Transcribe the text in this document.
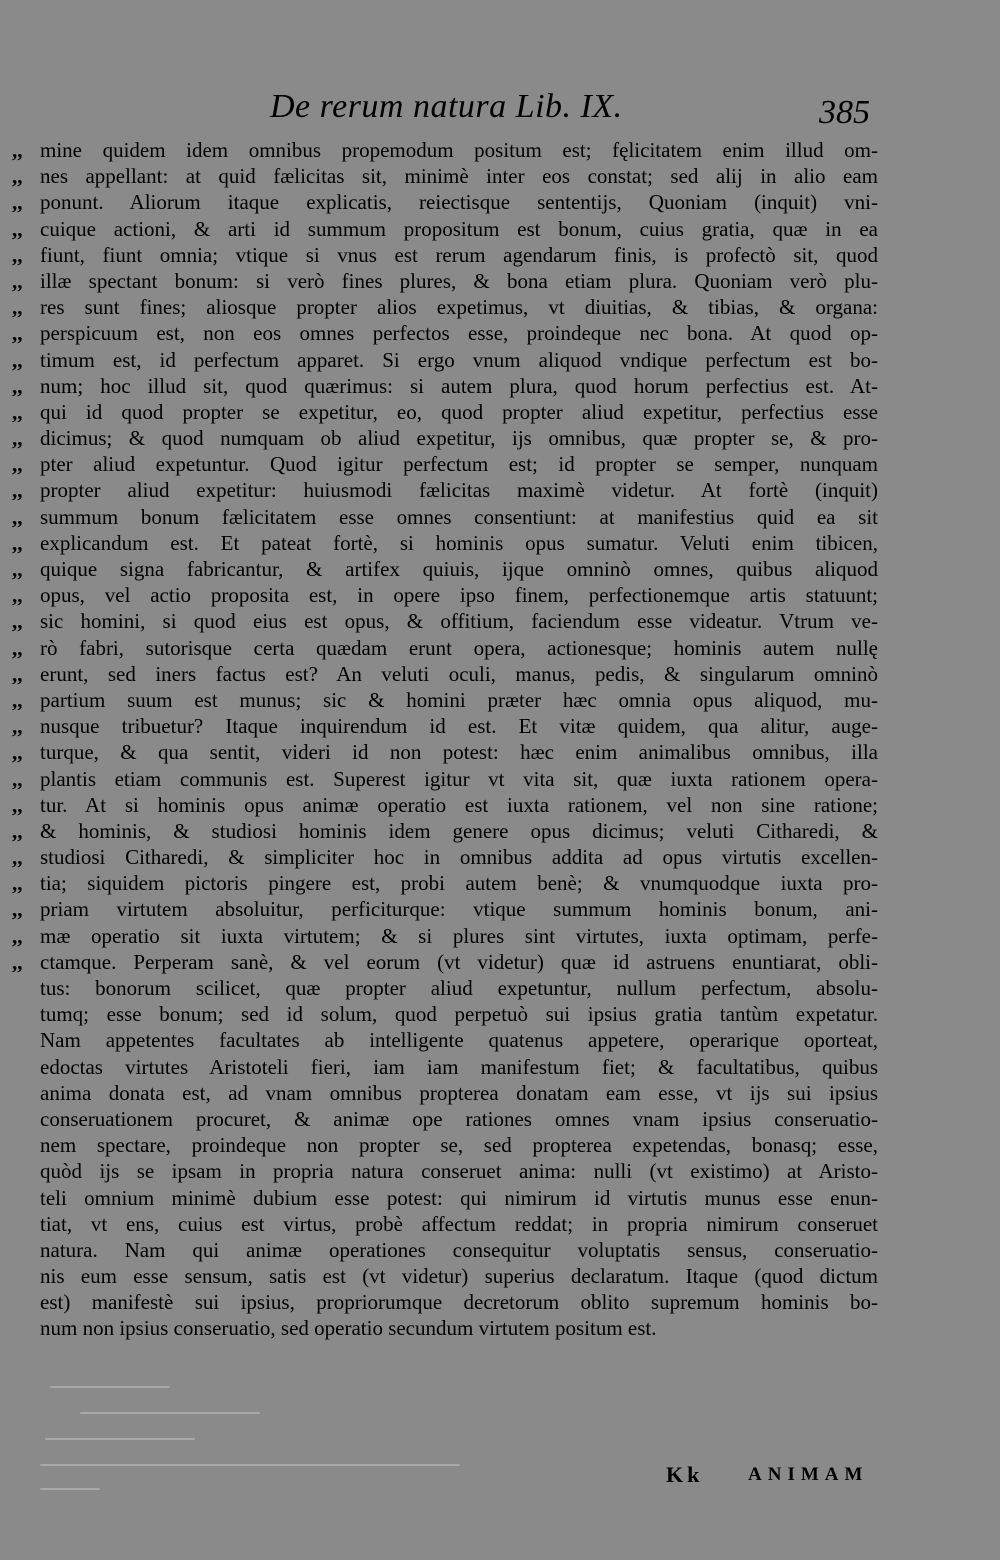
De rerum natura Lib. IX.	385
,, mine quidem idem omnibus propemodum positum est; fęlicitatem enim illud om-
,, nes appellant: at quid fælicitas sit, minimè inter eos constat; sed alij in alio eam
,, ponunt. Aliorum itaque explicatis, reiectisque sententijs, Quoniam (inquit) vni-
,, cuique actioni, & arti id summum propositum est bonum, cuius gratia, quæ in ea
,, fiunt, fiunt omnia; vtique si vnus est rerum agendarum finis, is profectò sit, quod
,, illæ spectant bonum: si verò fines plures, & bona etiam plura. Quoniam verò plu-
,, res sunt fines; aliosque propter alios expetimus, vt diuitias, & tibias, & organa:
,, perspicuum est, non eos omnes perfectos esse, proindeque nec bona. At quod op-
,, timum est, id perfectum apparet. Si ergo vnum aliquod vndique perfectum est bo-
,, num; hoc illud sit, quod quærimus: si autem plura, quod horum perfectius est. At-
,, qui id quod propter se expetitur, eo, quod propter aliud expetitur, perfectius esse
,, dicimus; & quod numquam ob aliud expetitur, ijs omnibus, quæ propter se, & pro-
,, pter aliud expetuntur. Quod igitur perfectum est; id propter se semper, nunquam
,, propter aliud expetitur: huiusmodi fælicitas maximè videtur. At fortè (inquit)
,, summum bonum fælicitatem esse omnes consentiunt: at manifestius quid ea sit
,, explicandum est. Et pateat fortè, si hominis opus sumatur. Veluti enim tibicen,
,, quique signa fabricantur, & artifex quiuis, ijque omninò omnes, quibus aliquod
,, opus, vel actio proposita est, in opere ipso finem, perfectionemque artis statuunt;
,, sic homini, si quod eius est opus, & offitium, faciendum esse videatur. Vtrum ve-
,, rò fabri, sutorisque certa quædam erunt opera, actionesque; hominis autem nullę
,, erunt, sed iners factus est? An veluti oculi, manus, pedis, & singularum omninò
,, partium suum est munus; sic & homini præter hæc omnia opus aliquod, mu-
,, nusque tribuetur? Itaque inquirendum id est. Et vitæ quidem, qua alitur, auge-
,, turque, & qua sentit, videri id non potest: hæc enim animalibus omnibus, illa
,, plantis etiam communis est. Superest igitur vt vita sit, quæ iuxta rationem opera-
,, tur. At si hominis opus animæ operatio est iuxta rationem, vel non sine ratione;
,, & hominis, & studiosi hominis idem genere opus dicimus; veluti Citharedi, &
,, studiosi Citharedi, & simpliciter hoc in omnibus addita ad opus virtutis excellen-
,, tia; siquidem pictoris pingere est, probi autem benè; & vnumquodque iuxta pro-
,, priam virtutem absoluitur, perficiturque: vtique summum hominis bonum, ani-
,, mæ operatio sit iuxta virtutem; & si plures sint virtutes, iuxta optimam, perfe-
,, ctamque. Perperam sanè, & vel eorum (vt videtur) quæ id astruens enuntiarat, obli-
tus: bonorum scilicet, quæ propter aliud expetuntur, nullum perfectum, absolu-
tumq; esse bonum; sed id solum, quod perpetuò sui ipsius gratia tantùm expetatur.
Nam appetentes facultates ab intelligente quatenus appetere, operarique oporteat,
edoctas virtutes Aristoteli fieri, iam iam manifestum fiet; & facultatibus, quibus
anima donata est, ad vnam omnibus propterea donatam eam esse, vt ijs sui ipsius
conseruationem procuret, & animæ ope rationes omnes vnam ipsius conseruatio-
nem spectare, proindeque non propter se, sed propterea expetendas, bonasq; esse,
quòd ijs se ipsam in propria natura conseruet anima: nulli (vt existimo) at Aristo-
teli omnium minimè dubium esse potest: qui nimirum id virtutis munus esse enun-
tiat, vt ens, cuius est virtus, probè affectum reddat; in propria nimirum conseruet
natura. Nam qui animæ operationes consequitur voluptatis sensus, conseruatio-
nis eum esse sensum, satis est (vt videtur) superius declaratum. Itaque (quod dictum
est) manifestè sui ipsius, propriorumque decretorum oblito supremum hominis bo-
num non ipsius conseruatio, sed operatio secundum virtutem positum est.
Kk ANIMAM
